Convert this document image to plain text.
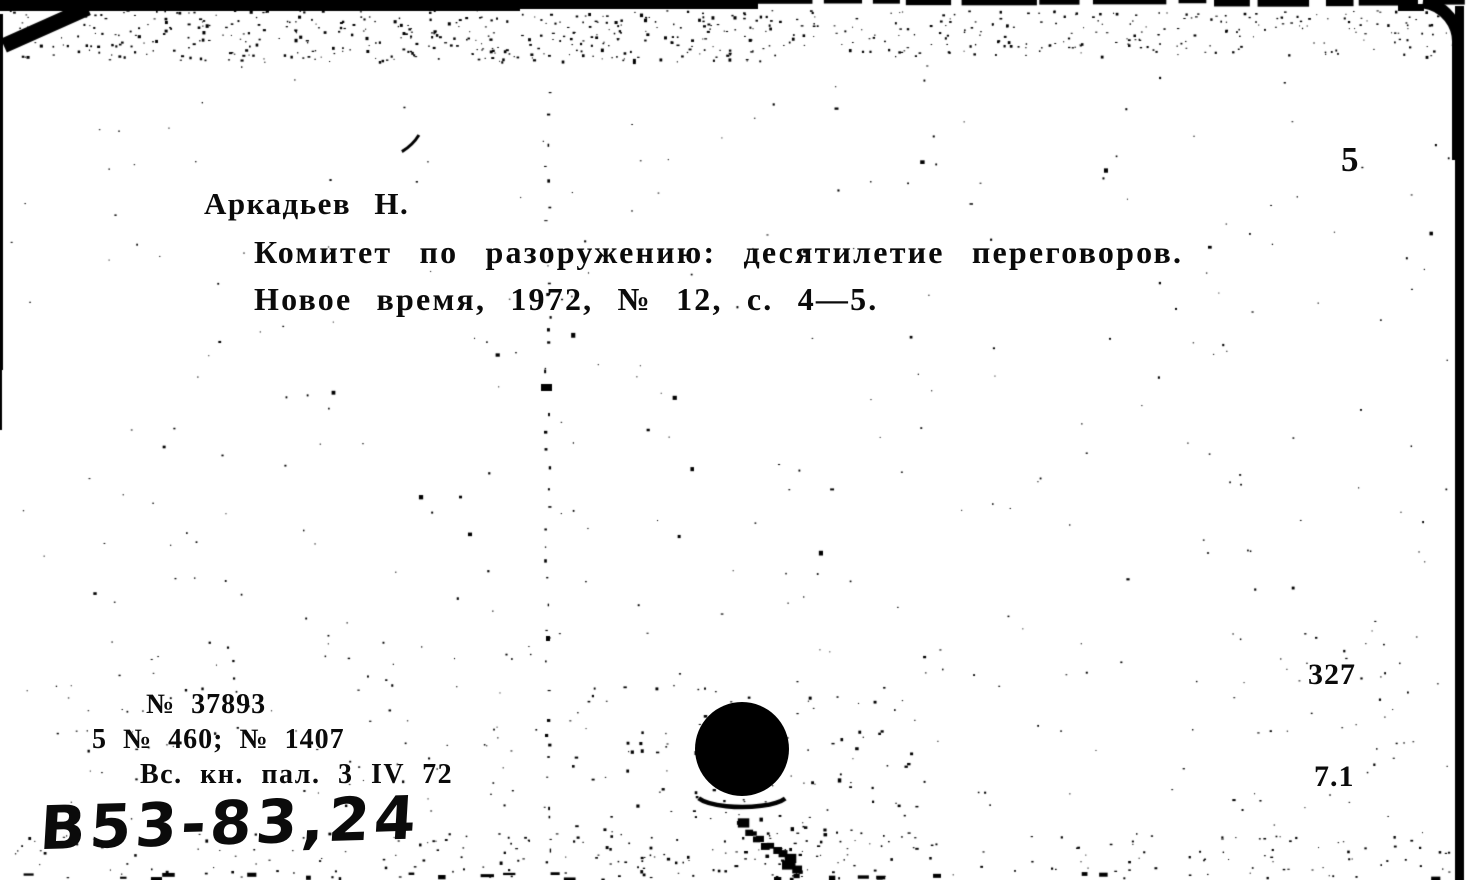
5
Аркадьев Н.
Комитет по разоружению: десятилетие переговоров.
Новое время, 1972, № 12, с. 4—5.
327
7.1
№ 37893
5 № 460; № 1407
Вс. кн. пал. 3 IV 72
B53-83,24
